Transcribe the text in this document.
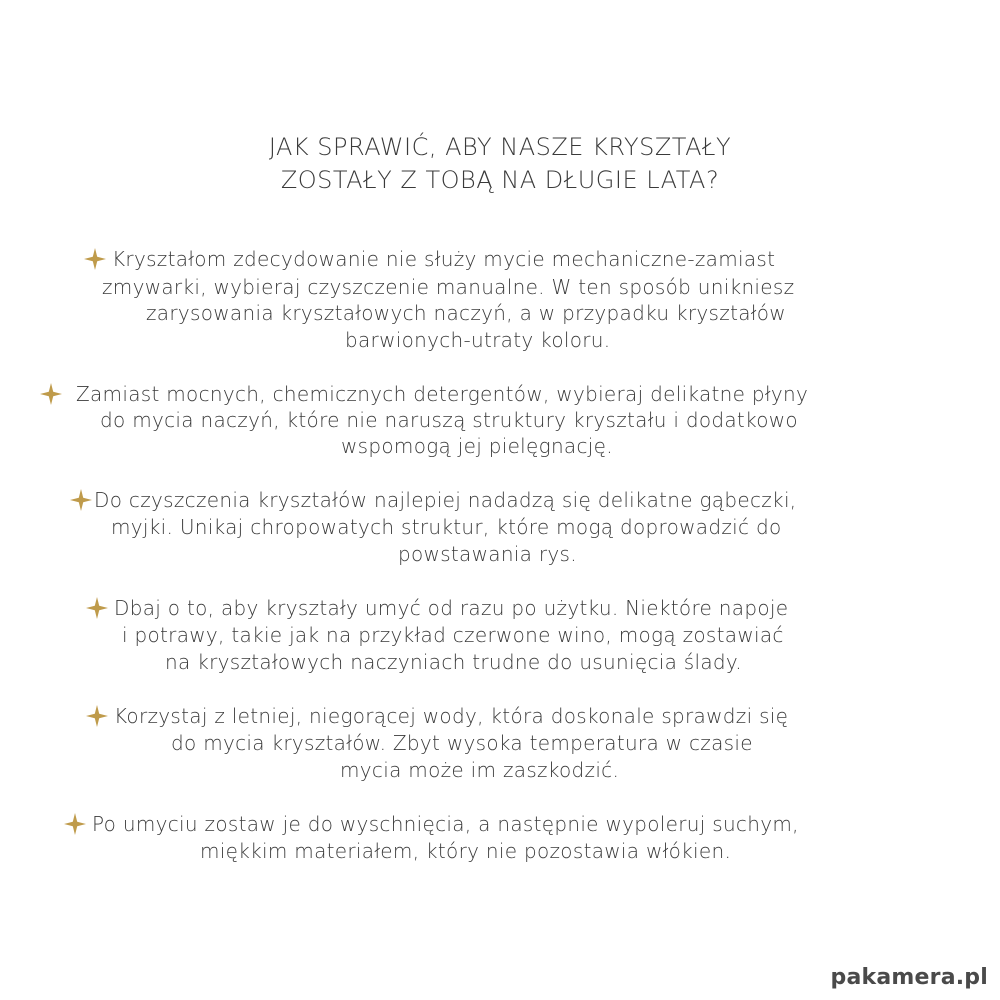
JAK SPRAWIĆ, ABY NASZE KRYSZTAŁY
ZOSTAŁY Z TOBĄ NA DŁUGIE LATA?
Kryształom zdecydowanie nie służy mycie mechaniczne-zamiast
zmywarki, wybieraj czyszczenie manualne. W ten sposób unikniesz
zarysowania kryształowych naczyń, a w przypadku kryształów
barwionych-utraty koloru.
Zamiast mocnych, chemicznych detergentów, wybieraj delikatne płyny
do mycia naczyń, które nie naruszą struktury kryształu i dodatkowo
wspomogą jej pielęgnację.
Do czyszczenia kryształów najlepiej nadadzą się delikatne gąbeczki,
myjki. Unikaj chropowatych struktur, które mogą doprowadzić do
powstawania rys.
Dbaj o to, aby kryształy umyć od razu po użytku. Niektóre napoje
i potrawy, takie jak na przykład czerwone wino, mogą zostawiać
na kryształowych naczyniach trudne do usunięcia ślady.
Korzystaj z letniej, niegorącej wody, która doskonale sprawdzi się
do mycia kryształów. Zbyt wysoka temperatura w czasie
mycia może im zaszkodzić.
Po umyciu zostaw je do wyschnięcia, a następnie wypoleruj suchym,
miękkim materiałem, który nie pozostawia włókien.
pakamera.pl
